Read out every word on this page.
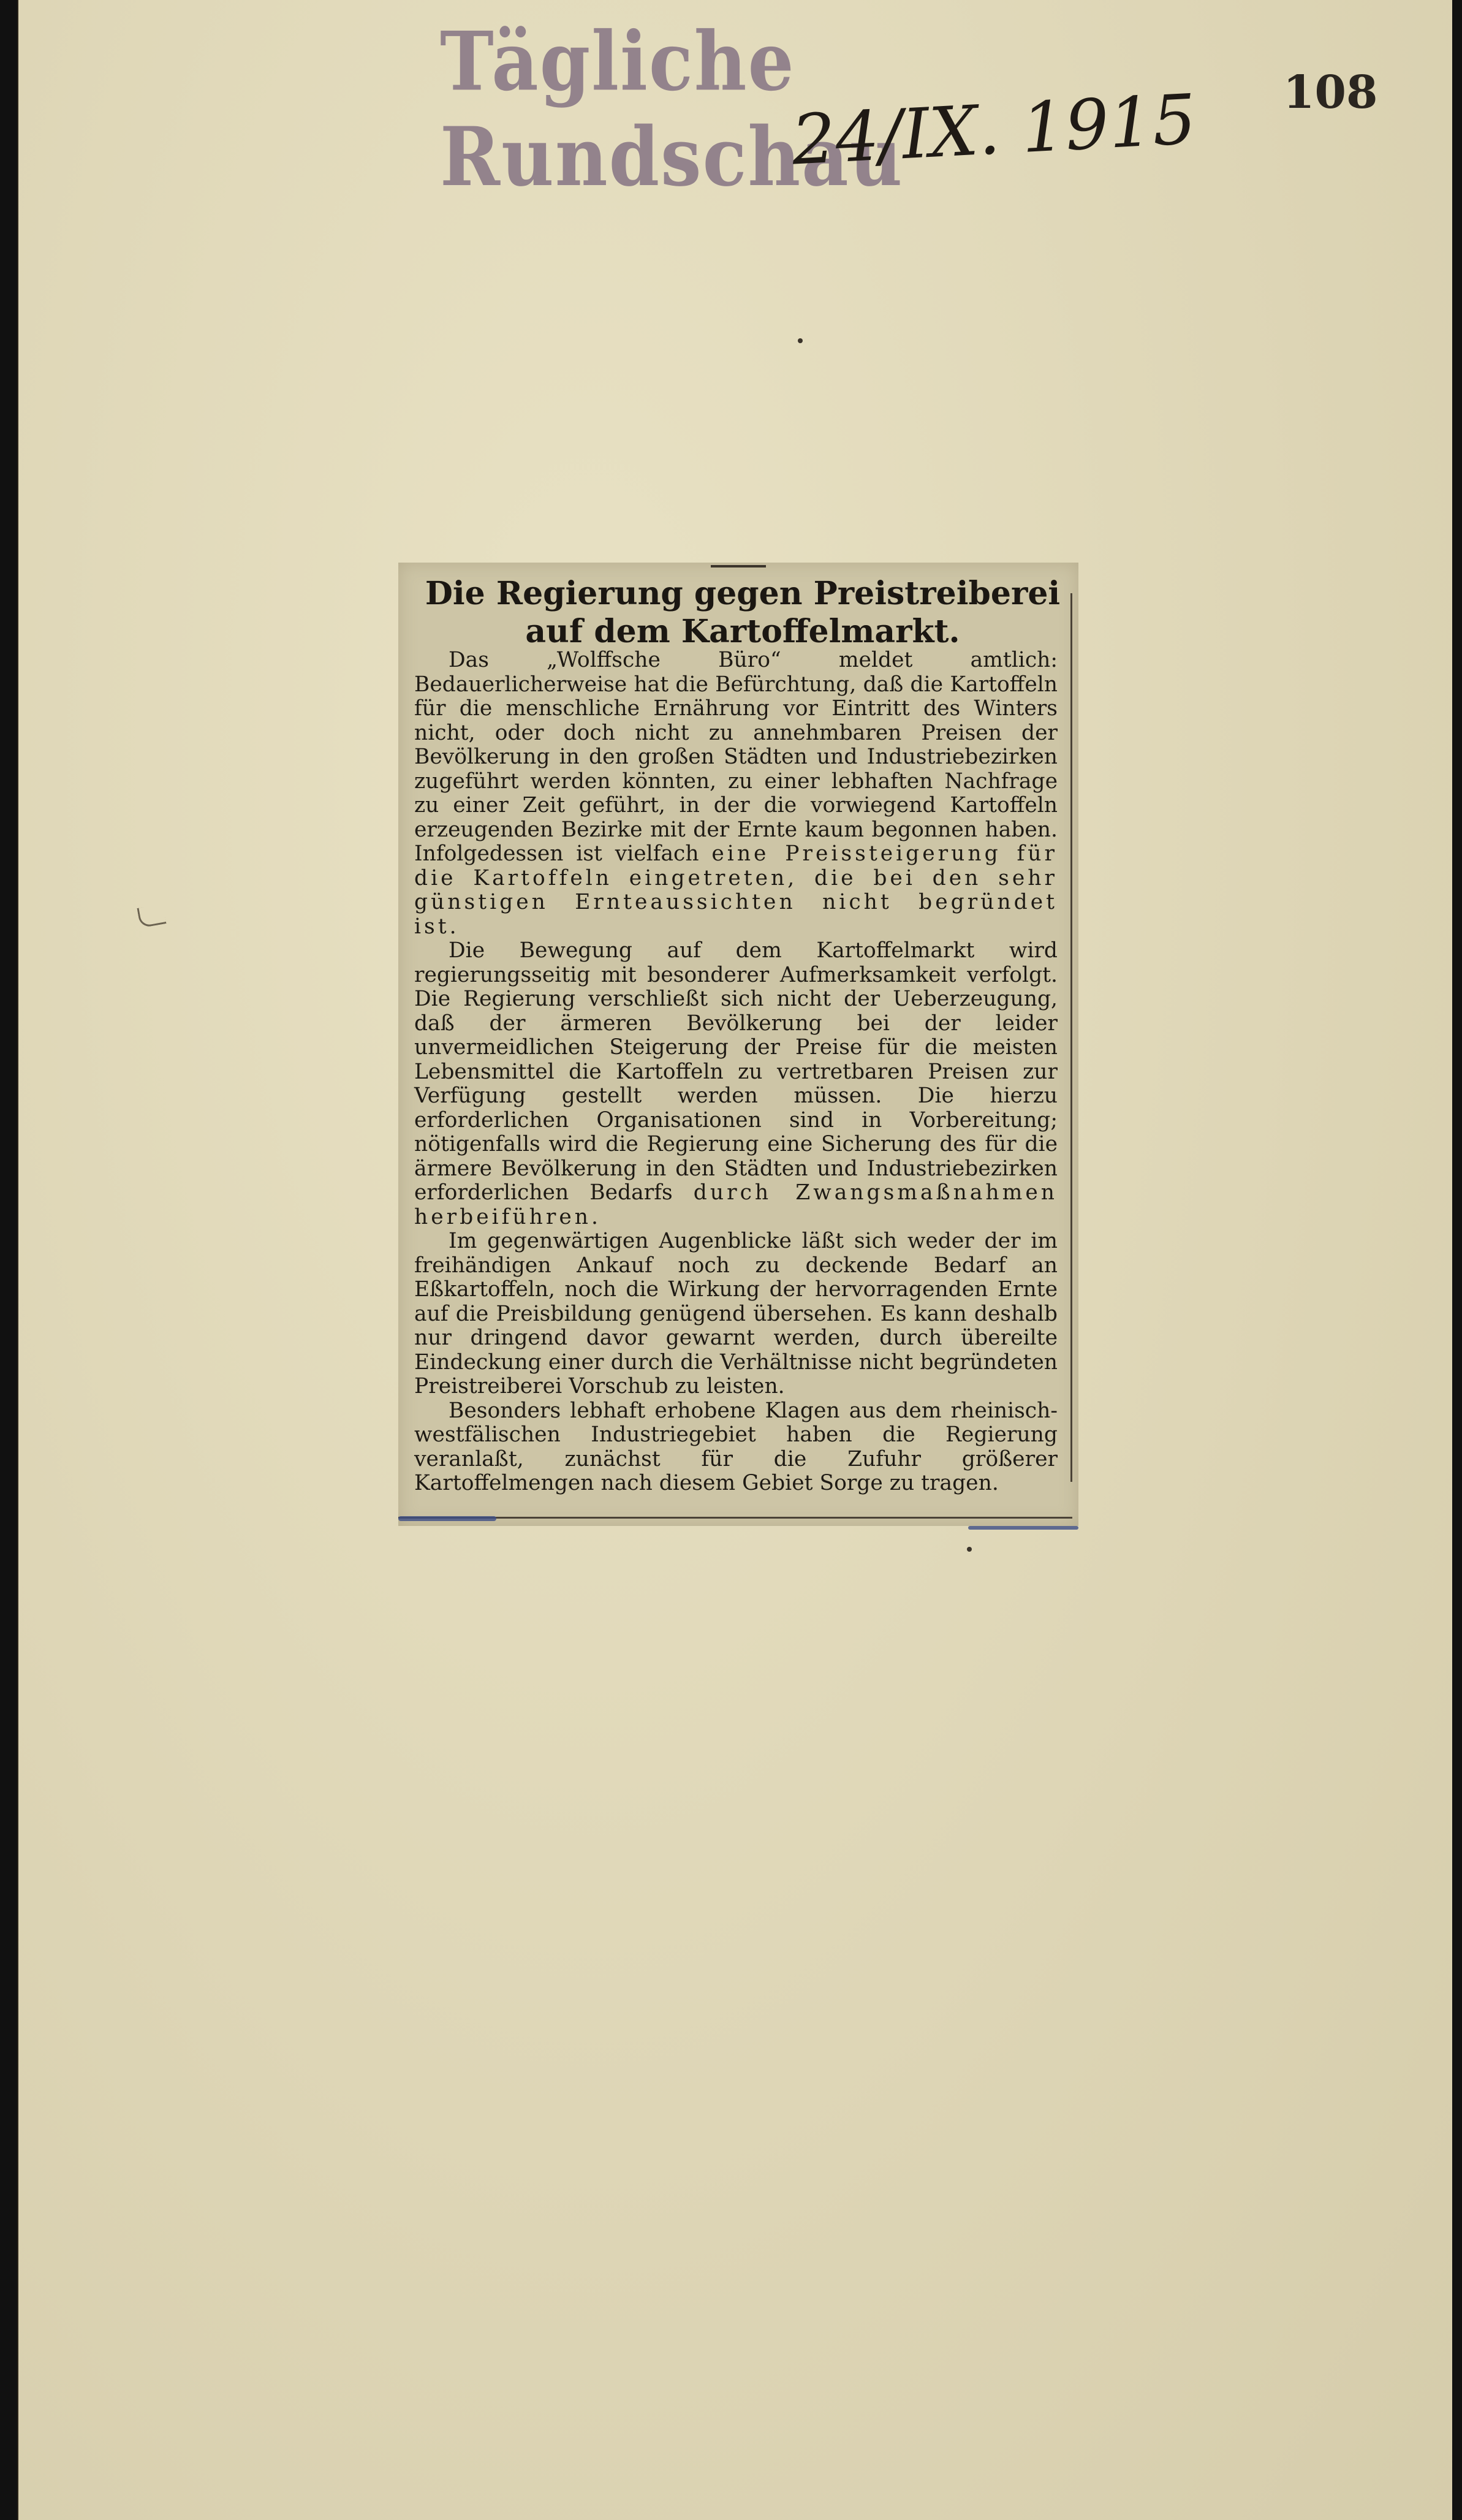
Tägliche Rundschau
24/IX. 1915 108
Die Regierung gegen Preistreiberei auf dem Kartoffelmarkt.

Das „Wolffsche Büro“ meldet amtlich: Bedauerlicherweise hat die Befürchtung, daß die Kartoffeln für die menschliche Ernährung vor Eintritt des Winters nicht, oder doch nicht zu annehmbaren Preisen der Bevölkerung in den großen Städten und Industriebezirken zugeführt werden könnten, zu einer lebhaften Nachfrage zu einer Zeit geführt, in der die vorwiegend Kartoffeln erzeugenden Bezirke mit der Ernte kaum begonnen haben. Infolgedessen ist vielfach eine Preissteigerung für die Kartoffeln eingetreten, die bei den sehr günstigen Ernteaussichten nicht begründet ist.

Die Bewegung auf dem Kartoffelmarkt wird regierungsseitig mit besonderer Aufmerksamkeit verfolgt. Die Regierung verschließt sich nicht der Ueberzeugung, daß der ärmeren Bevölkerung bei der leider unvermeidlichen Steigerung der Preise für die meisten Lebensmittel die Kartoffeln zu vertretbaren Preisen zur Verfügung gestellt werden müssen. Die hierzu erforderlichen Organisationen sind in Vorbereitung; nötigenfalls wird die Regierung eine Sicherung des für die ärmere Bevölkerung in den Städten und Industriebezirken erforderlichen Bedarfs durch Zwangsmaßnahmen herbeiführen.

Im gegenwärtigen Augenblicke läßt sich weder der im freihändigen Ankauf noch zu deckende Bedarf an Eßkartoffeln, noch die Wirkung der hervorragenden Ernte auf die Preisbildung genügend übersehen. Es kann deshalb nur dringend davor gewarnt werden, durch übereilte Eindeckung einer durch die Verhältnisse nicht begründeten Preistreiberei Vorschub zu leisten.

Besonders lebhaft erhobene Klagen aus dem rheinisch-westfälischen Industriegebiet haben die Regierung veranlaßt, zunächst für die Zufuhr größerer Kartoffelmengen nach diesem Gebiet Sorge zu tragen.
